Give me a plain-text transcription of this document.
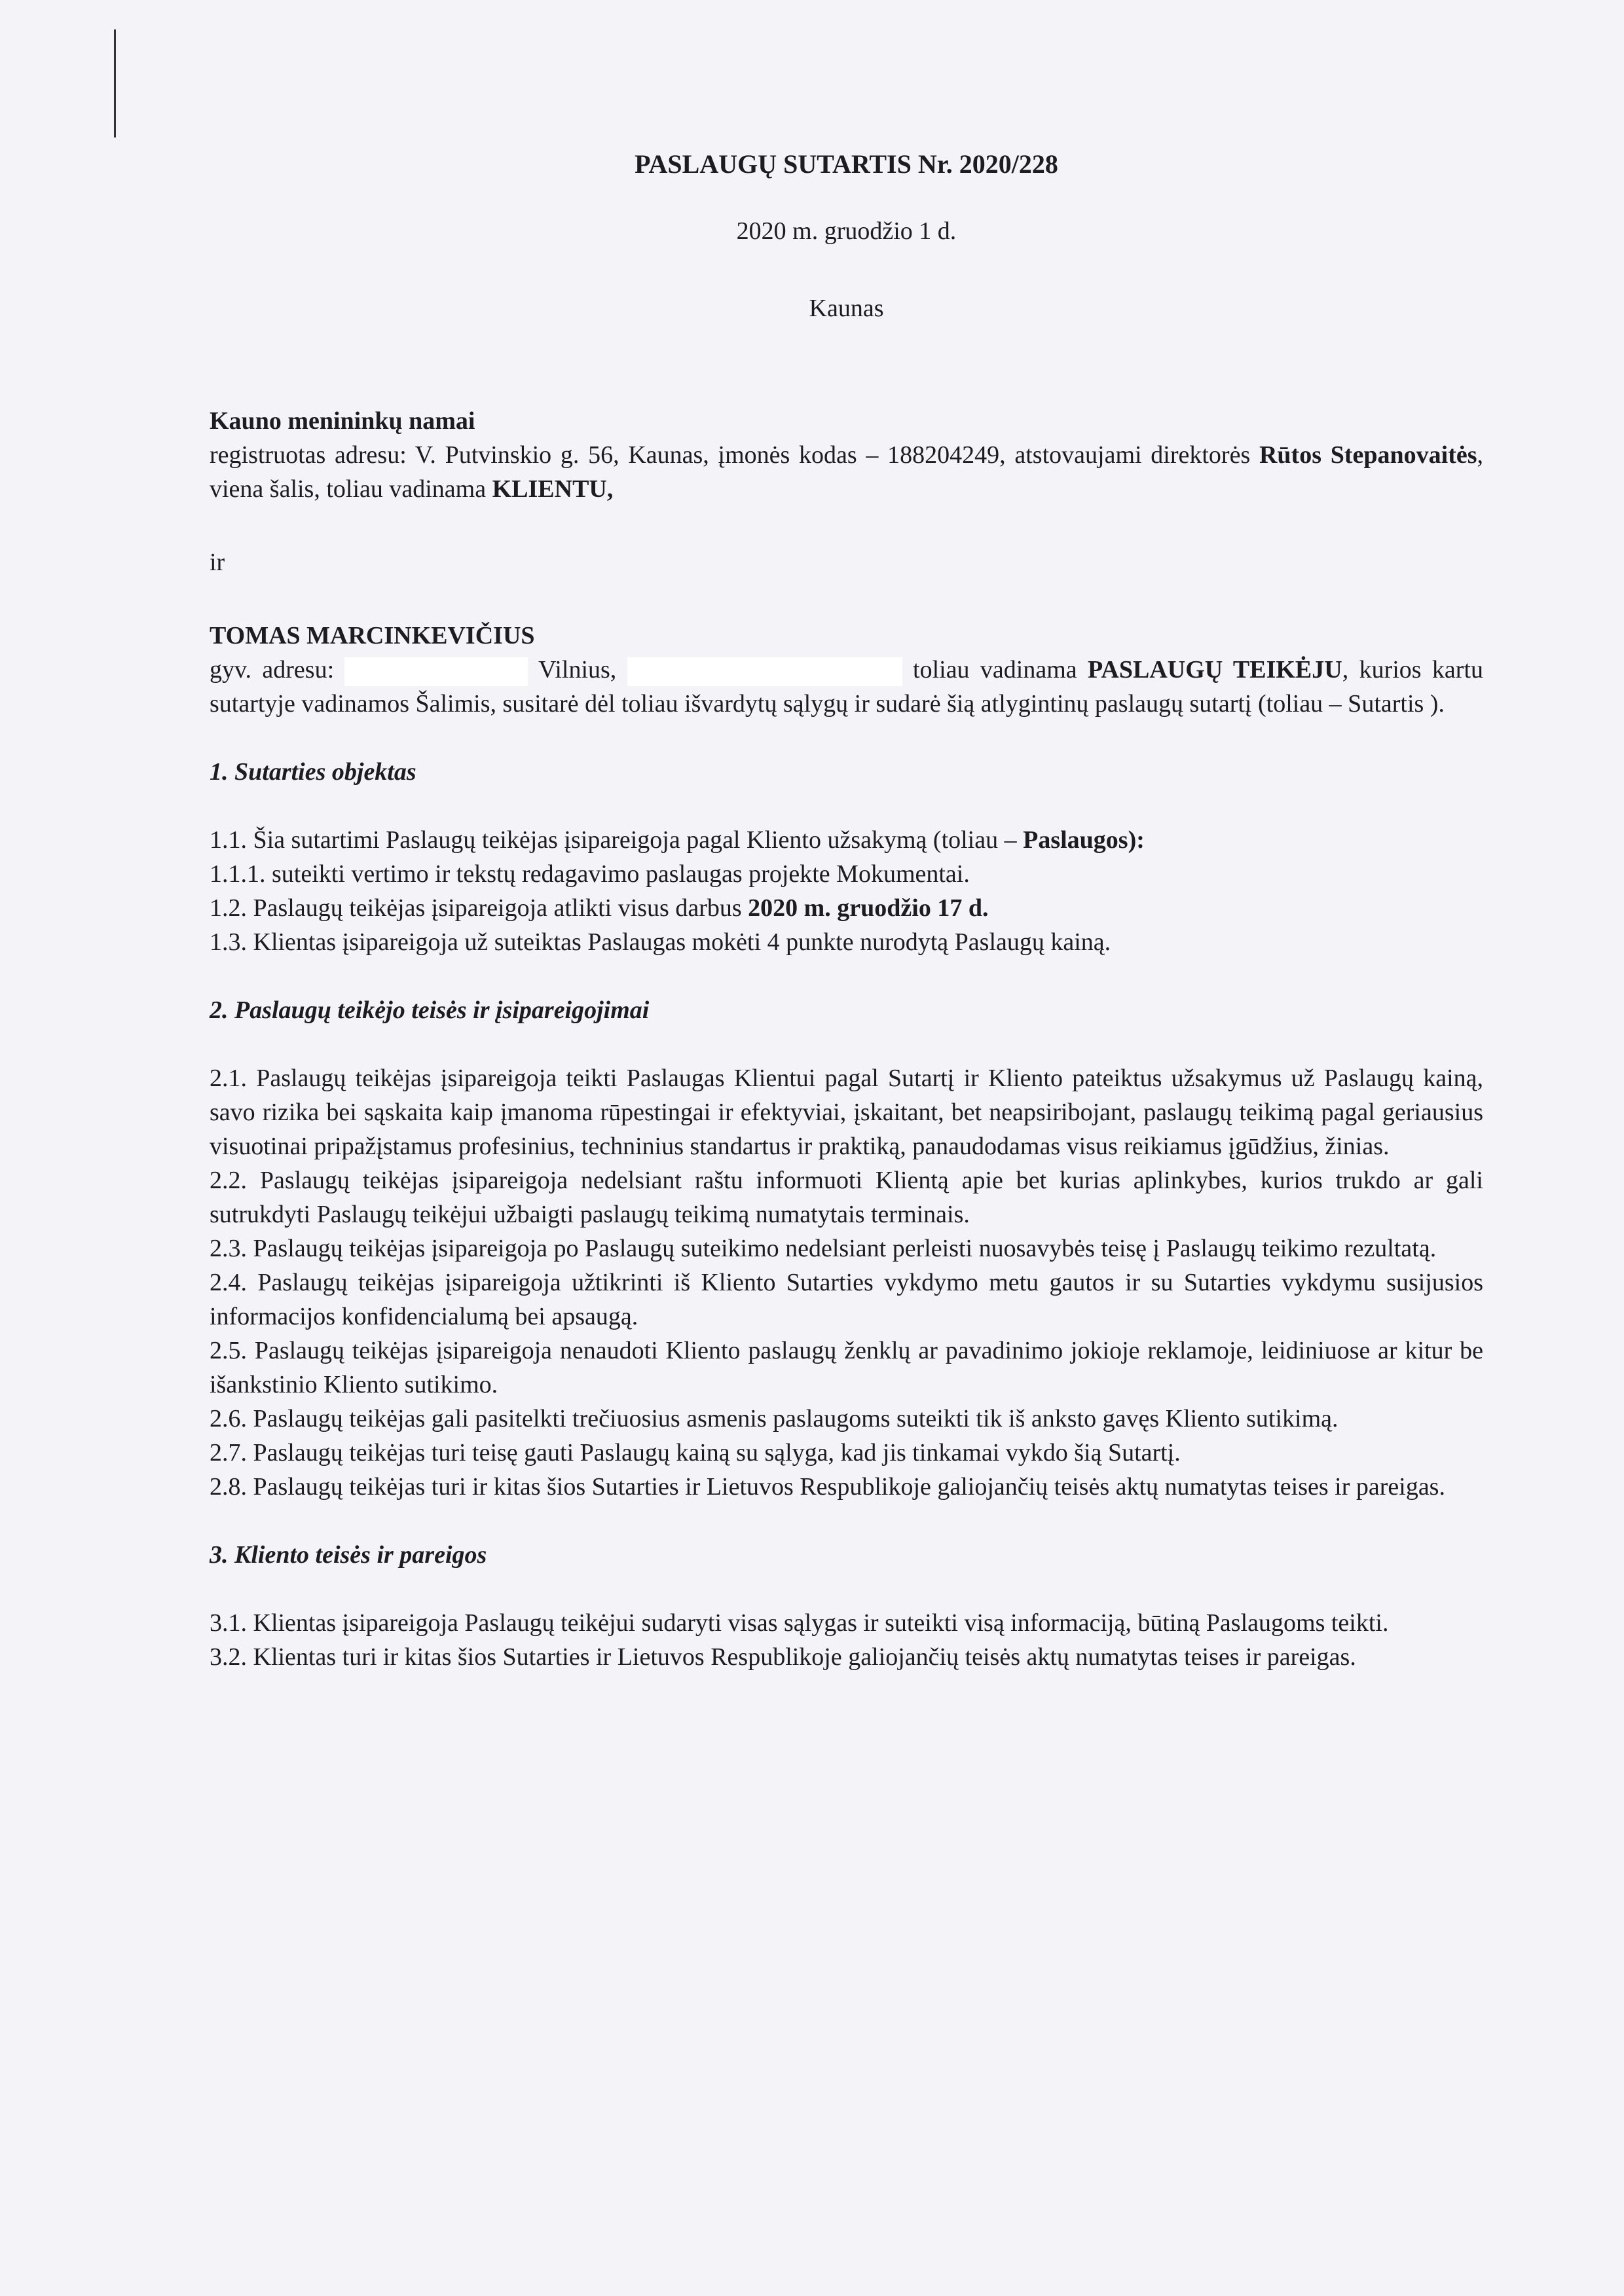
PASLAUGŲ SUTARTIS Nr. 2020/228
2020 m. gruodžio 1 d.
Kaunas
Kauno menininkų namai

registruotas adresu: V. Putvinskio g. 56, Kaunas, įmonės kodas – 188204249, atstovaujami direktorės Rūtos Stepanovaitės, viena šalis, toliau vadinama KLIENTU,

ir
TOMAS MARCINKEVIČIUS

gyv. adresu:	Vilnius,	toliau vadinama PASLAUGŲ TEIKĖJU, kurios kartu sutartyje vadinamos Šalimis, susitarė dėl toliau išvardytų sąlygų ir sudarė šią atlygintinų paslaugų sutartį (toliau – Sutartis ).

1. Sutarties objektas

1.1. Šia sutartimi Paslaugų teikėjas įsipareigoja pagal Kliento užsakymą (toliau – Paslaugos):

1.1.1. suteikti vertimo ir tekstų redagavimo paslaugas projekte Mokumentai.

1.2. Paslaugų teikėjas įsipareigoja atlikti visus darbus 2020 m. gruodžio 17 d.

1.3. Klientas įsipareigoja už suteiktas Paslaugas mokėti 4 punkte nurodytą Paslaugų kainą.

2. Paslaugų teikėjo teisės ir įsipareigojimai

2.1. Paslaugų teikėjas įsipareigoja teikti Paslaugas Klientui pagal Sutartį ir Kliento pateiktus užsakymus už Paslaugų kainą, savo rizika bei sąskaita kaip įmanoma rūpestingai ir efektyviai, įskaitant, bet neapsiribojant, paslaugų teikimą pagal geriausius visuotinai pripažįstamus profesinius, techninius standartus ir praktiką, panaudodamas visus reikiamus įgūdžius, žinias.

2.2. Paslaugų teikėjas įsipareigoja nedelsiant raštu informuoti Klientą apie bet kurias aplinkybes, kurios trukdo ar gali sutrukdyti Paslaugų teikėjui užbaigti paslaugų teikimą numatytais terminais.

2.3. Paslaugų teikėjas įsipareigoja po Paslaugų suteikimo nedelsiant perleisti nuosavybės teisę į Paslaugų teikimo rezultatą.

2.4. Paslaugų teikėjas įsipareigoja užtikrinti iš Kliento Sutarties vykdymo metu gautos ir su Sutarties vykdymu susijusios informacijos konfidencialumą bei apsaugą.

2.5. Paslaugų teikėjas įsipareigoja nenaudoti Kliento paslaugų ženklų ar pavadinimo jokioje reklamoje, leidiniuose ar kitur be išankstinio Kliento sutikimo.

2.6. Paslaugų teikėjas gali pasitelkti trečiuosius asmenis paslaugoms suteikti tik iš anksto gavęs Kliento sutikimą.

2.7. Paslaugų teikėjas turi teisę gauti Paslaugų kainą su sąlyga, kad jis tinkamai vykdo šią Sutartį.

2.8. Paslaugų teikėjas turi ir kitas šios Sutarties ir Lietuvos Respublikoje galiojančių teisės aktų numatytas teises ir pareigas.

3. Kliento teisės ir pareigos

3.1. Klientas įsipareigoja Paslaugų teikėjui sudaryti visas sąlygas ir suteikti visą informaciją, būtiną Paslaugoms teikti.

3.2. Klientas turi ir kitas šios Sutarties ir Lietuvos Respublikoje galiojančių teisės aktų numatytas teises ir pareigas.
